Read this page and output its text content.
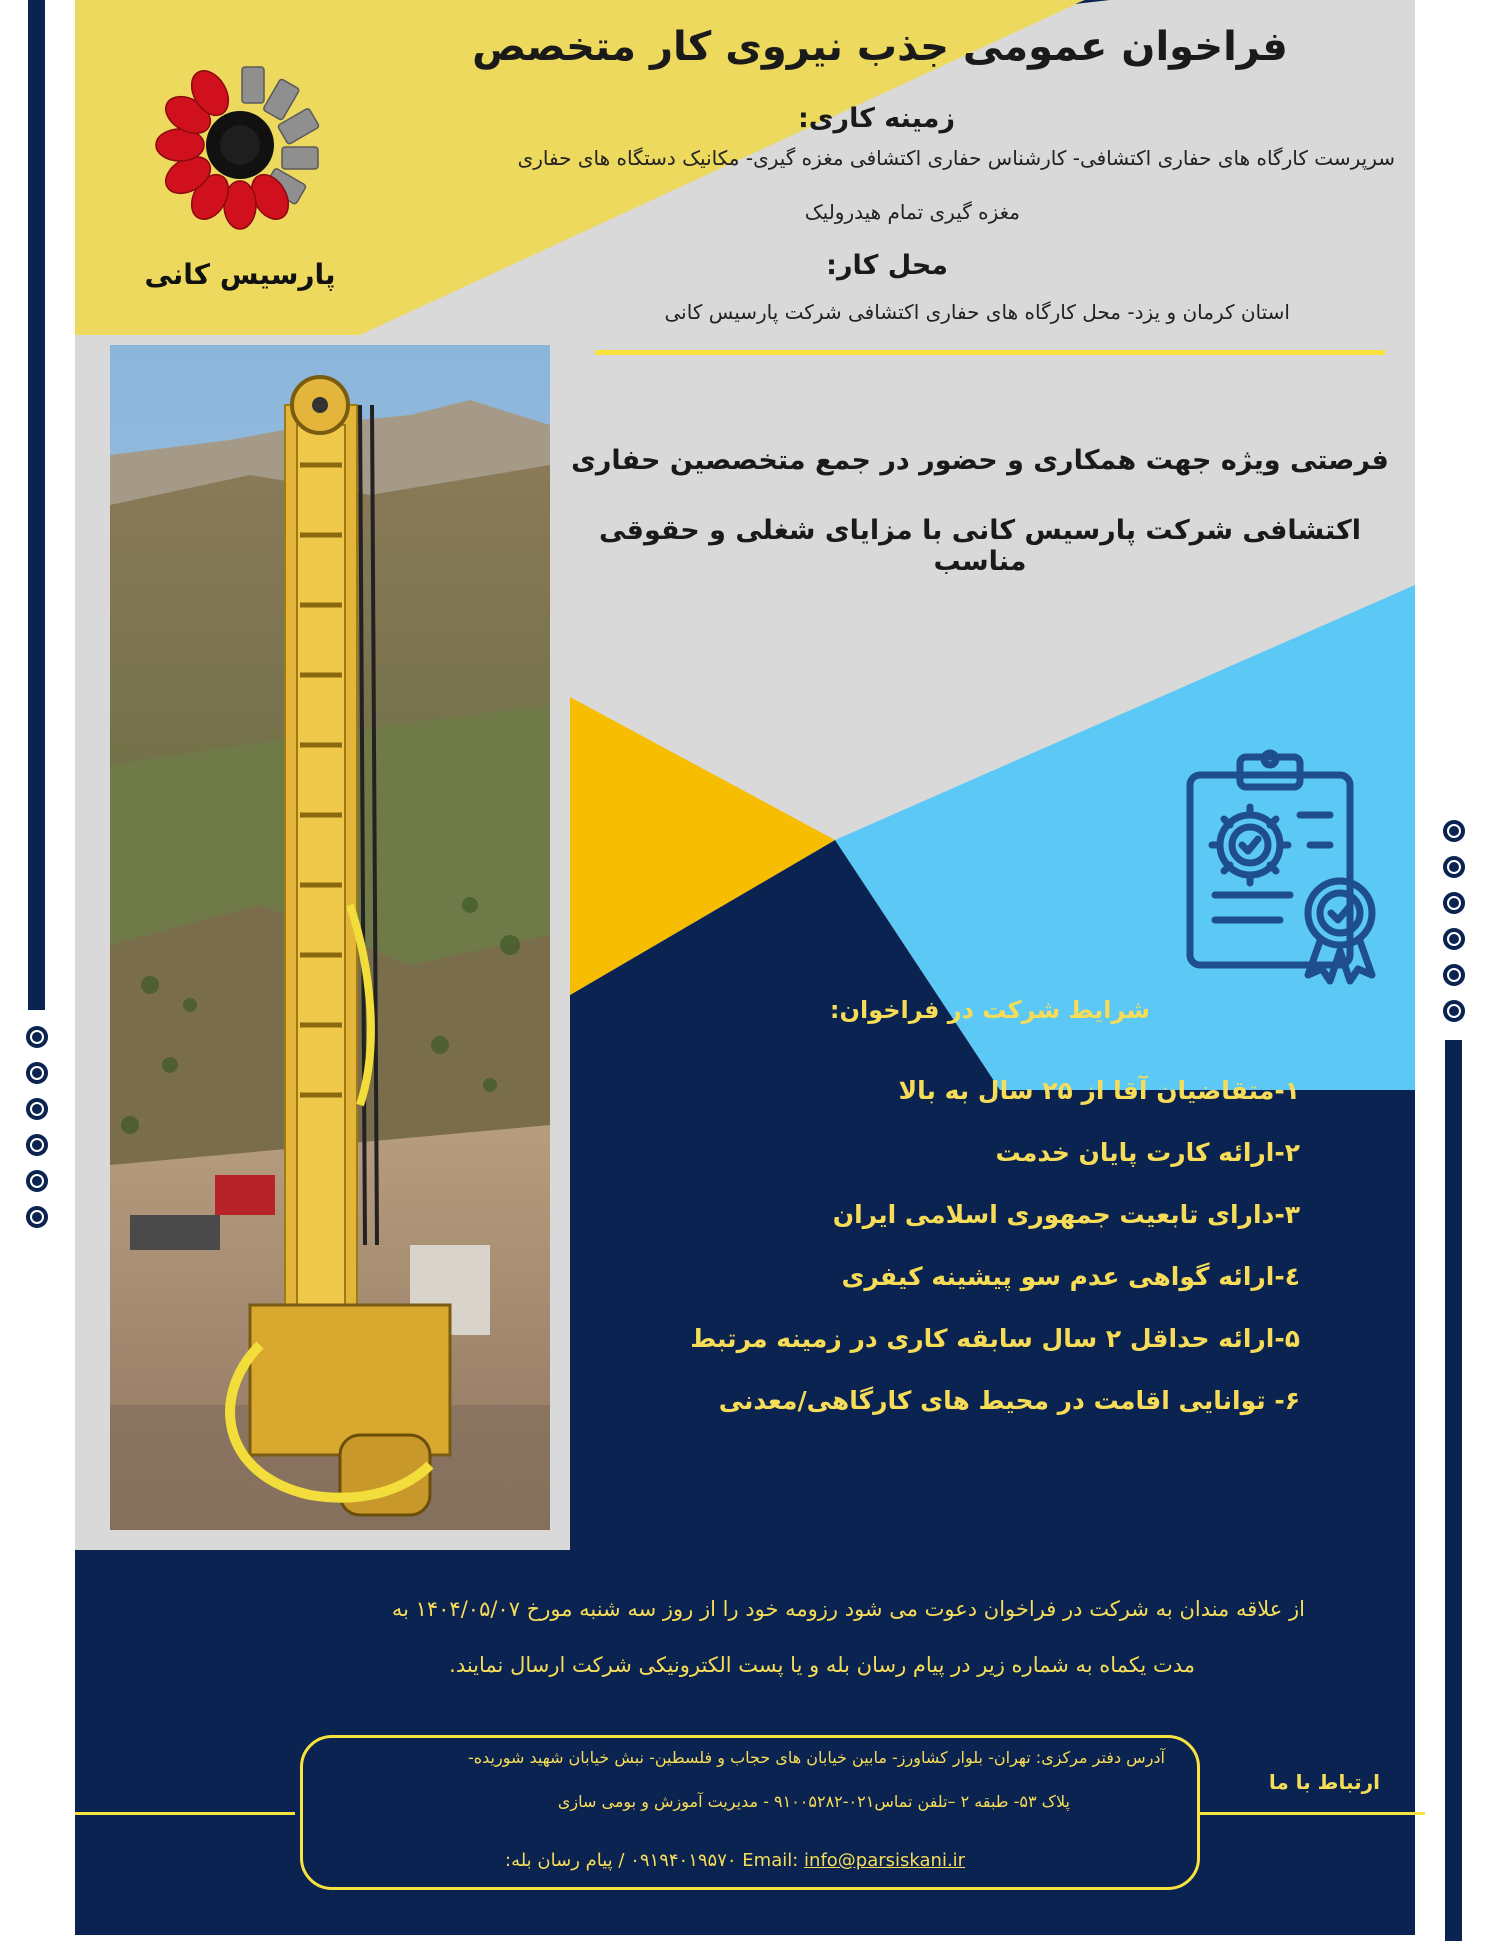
پارسیس کانی
فراخوان عمومی جذب نیروی کار متخصص
زمینه کاری:
سرپرست کارگاه های حفاری اکتشافی- کارشناس حفاری اکتشافی مغزه گیری- مکانیک دستگاه های حفاری
مغزه گیری تمام هیدرولیک
محل کار:
استان کرمان و یزد- محل کارگاه های حفاری اکتشافی شرکت پارسیس کانی
فرصتی ویژه جهت همکاری و حضور در جمع متخصصین حفاری
اکتشافی شرکت پارسیس کانی با مزایای شغلی و حقوقی مناسب
شرایط شرکت در فراخوان:
۱-متقاضیان آقا از ۲۵ سال به بالا
۲-ارائه کارت پایان خدمت
۳-دارای تابعیت جمهوری اسلامی ایران
٤-ارائه گواهی عدم سو پیشینه کیفری
۵-ارائه حداقل ۲ سال سابقه کاری در زمینه مرتبط
۶- توانایی اقامت در محیط های کارگاهی/معدنی
از علاقه مندان به شرکت در فراخوان دعوت می شود رزومه خود را از روز سه شنبه مورخ ۱۴۰۴/۰۵/۰۷ به
مدت یکماه به شماره زیر در پیام رسان بله و یا پست الکترونیکی شرکت ارسال نمایند.
ارتباط با ما
آدرس دفتر مرکزی: تهران- بلوار کشاورز- مابین خیابان های حجاب و فلسطین- نبش خیابان شهید شوریده-
پلاک ۵۳- طبقه ۲ –تلفن تماس۰۲۱-۹۱۰۰۵۲۸۲ - مدیریت آموزش و بومی سازی
۰۹۱۹۴۰۱۹۵۷۰ / پیام رسان بله: Email: info@parsiskani.ir
